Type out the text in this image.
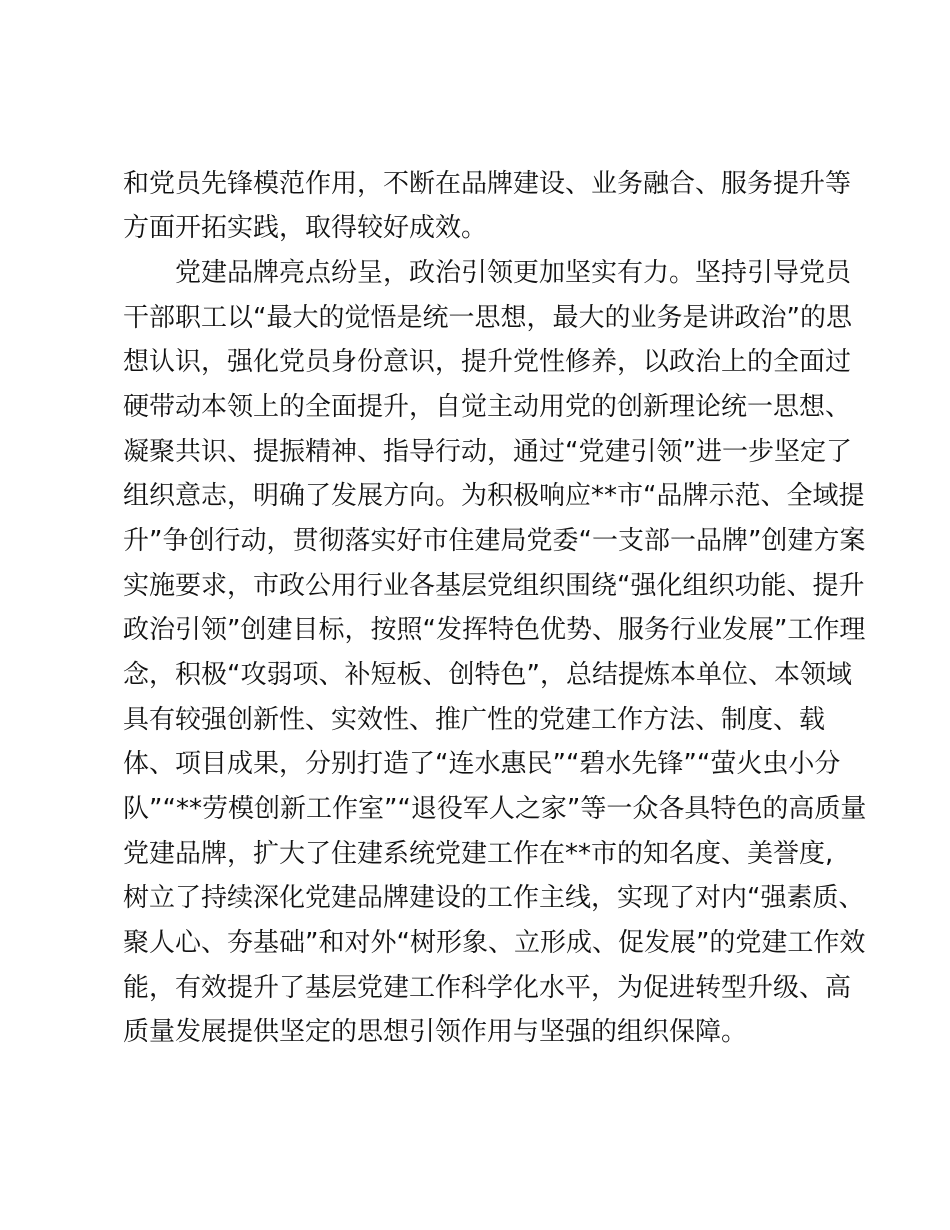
和党员先锋模范作用，不断在品牌建设、业务融合、服务提升等
方面开拓实践，取得较好成效。
党建品牌亮点纷呈，政治引领更加坚实有力。坚持引导党员
干部职工以“最大的觉悟是统一思想，最大的业务是讲政治”的思
想认识，强化党员身份意识，提升党性修养，以政治上的全面过
硬带动本领上的全面提升，自觉主动用党的创新理论统一思想、
凝聚共识、提振精神、指导行动，通过“党建引领”进一步坚定了
组织意志，明确了发展方向。为积极响应**市“品牌示范、全域提
升”争创行动，贯彻落实好市住建局党委“一支部一品牌”创建方案
实施要求，市政公用行业各基层党组织围绕“强化组织功能、提升
政治引领”创建目标，按照“发挥特色优势、服务行业发展”工作理
念，积极“攻弱项、补短板、创特色”，总结提炼本单位、本领域
具有较强创新性、实效性、推广性的党建工作方法、制度、载
体、项目成果，分别打造了“连水惠民”“碧水先锋”“萤火虫小分
队”“**劳模创新工作室”“退役军人之家”等一众各具特色的高质量
党建品牌，扩大了住建系统党建工作在**市的知名度、美誉度,
树立了持续深化党建品牌建设的工作主线，实现了对内“强素质、
聚人心、夯基础”和对外“树形象、立形成、促发展”的党建工作效
能，有效提升了基层党建工作科学化水平，为促进转型升级、高
质量发展提供坚定的思想引领作用与坚强的组织保障。
